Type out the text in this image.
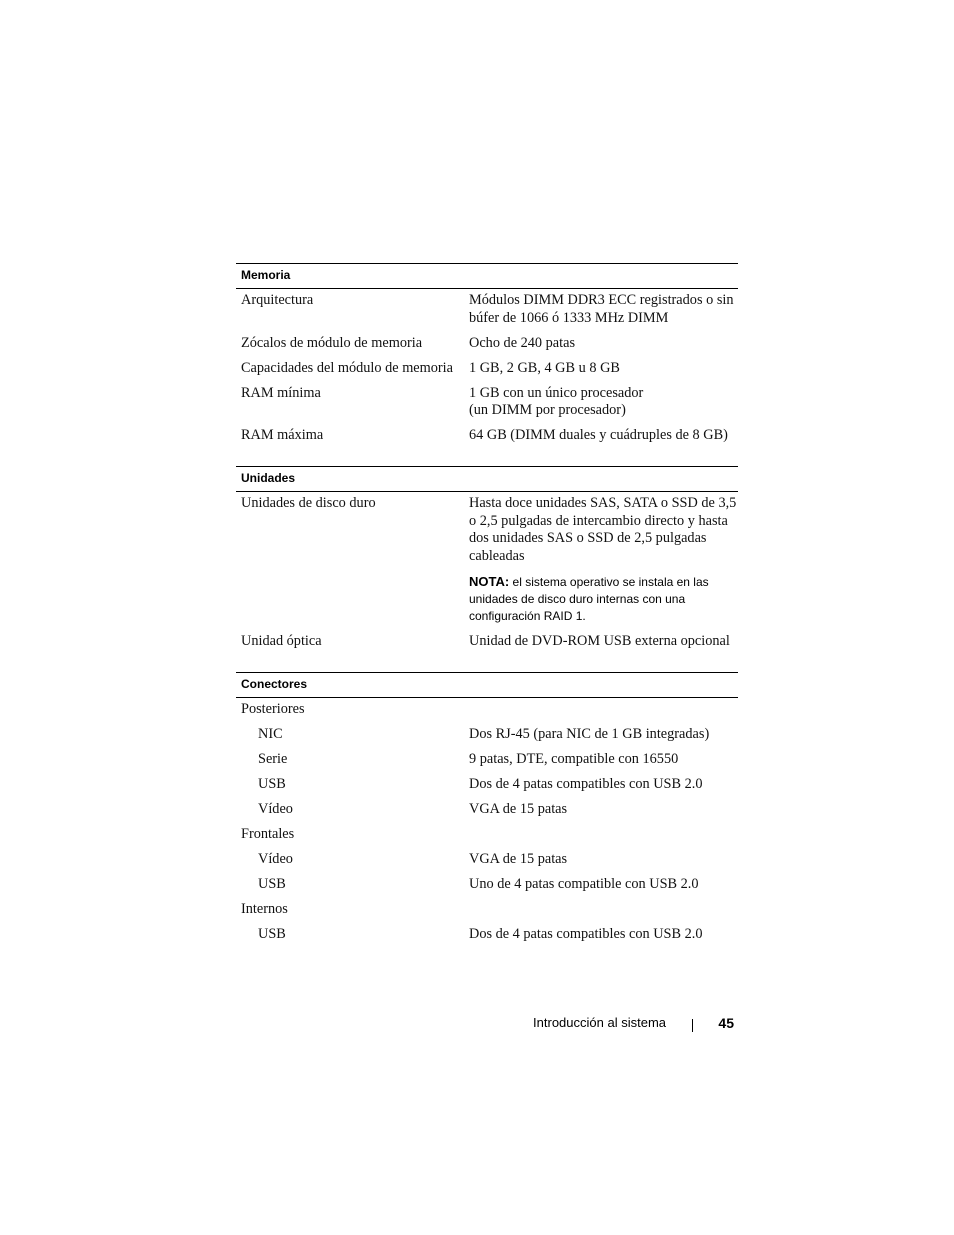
Memoria
Arquitectura	Módulos DIMM DDR3 ECC registrados o sin búfer de 1066 ó 1333 MHz DIMM
Zócalos de módulo de memoria	Ocho de 240 patas
Capacidades del módulo de memoria	1 GB, 2 GB, 4 GB u 8 GB
RAM mínima	1 GB con un único procesador
(un DIMM por procesador)
RAM máxima	64 GB (DIMM duales y cuádruples de 8 GB)
Unidades
Unidades de disco duro	Hasta doce unidades SAS, SATA o SSD de 3,5 o 2,5 pulgadas de intercambio directo y hasta dos unidades SAS o SSD de 2,5 pulgadas cableadas
NOTA: el sistema operativo se instala en las unidades de disco duro internas con una configuración RAID 1.
Unidad óptica	Unidad de DVD-ROM USB externa opcional
Conectores
Posteriores
NIC	Dos RJ-45 (para NIC de 1 GB integradas)
Serie	9 patas, DTE, compatible con 16550
USB	Dos de 4 patas compatibles con USB 2.0
Vídeo	VGA de 15 patas
Frontales
Vídeo	VGA de 15 patas
USB	Uno de 4 patas compatible con USB 2.0
Internos
USB	Dos de 4 patas compatibles con USB 2.0
Introducción al sistema	45
